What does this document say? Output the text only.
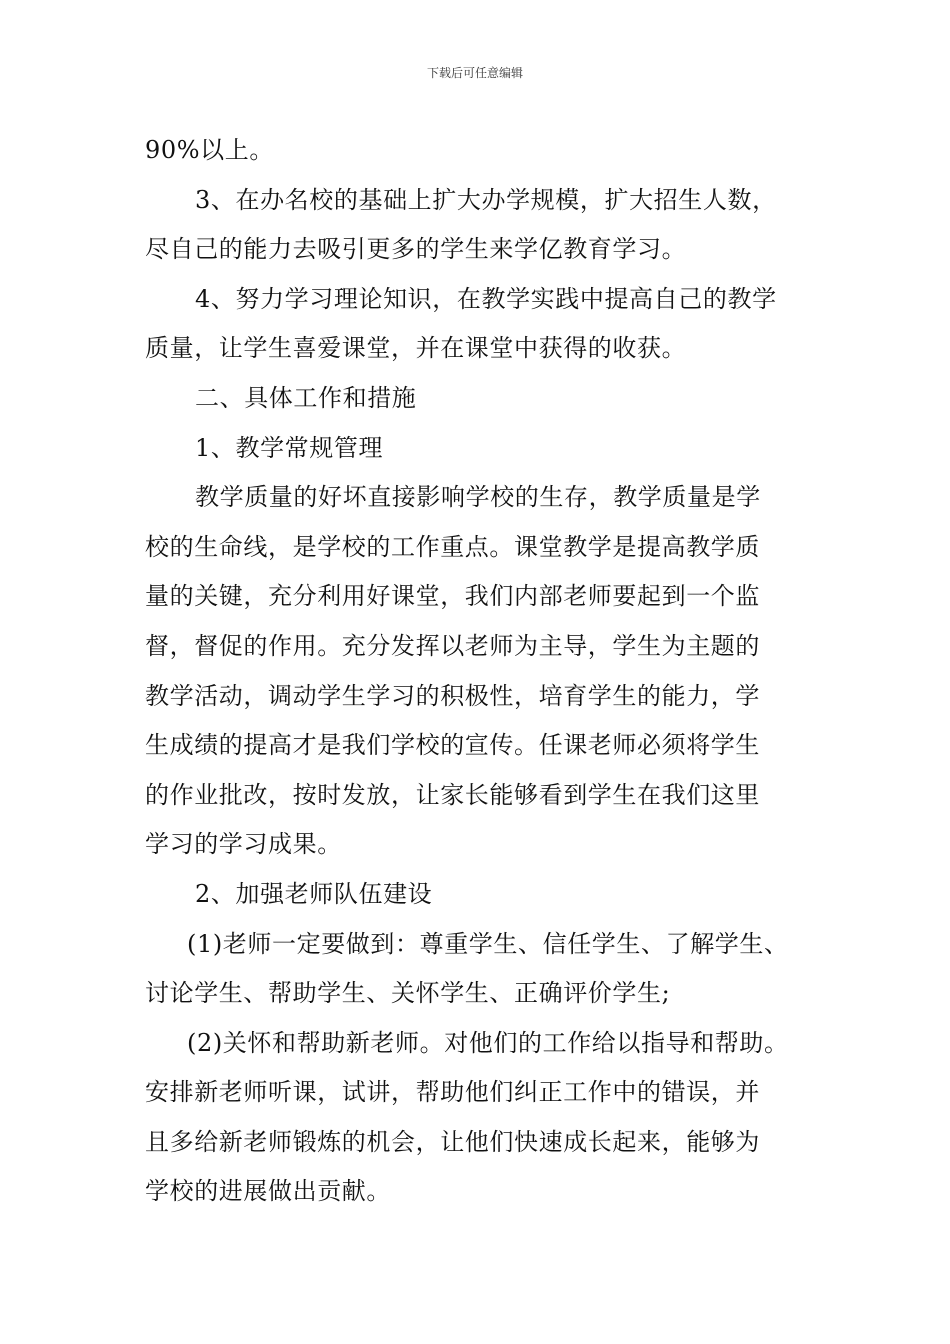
下载后可任意编辑
90%以上。
3、在办名校的基础上扩大办学规模，扩大招生人数，
尽自己的能力去吸引更多的学生来学亿教育学习。
4、努力学习理论知识，在教学实践中提高自己的教学
质量，让学生喜爱课堂，并在课堂中获得的收获。
二、具体工作和措施
1、教学常规管理
教学质量的好坏直接影响学校的生存，教学质量是学
校的生命线，是学校的工作重点。课堂教学是提高教学质
量的关键，充分利用好课堂，我们内部老师要起到一个监
督，督促的作用。充分发挥以老师为主导，学生为主题的
教学活动，调动学生学习的积极性，培育学生的能力，学
生成绩的提高才是我们学校的宣传。任课老师必须将学生
的作业批改，按时发放，让家长能够看到学生在我们这里
学习的学习成果。
2、加强老师队伍建设
(1)老师一定要做到：尊重学生、信任学生、了解学生、
讨论学生、帮助学生、关怀学生、正确评价学生;
(2)关怀和帮助新老师。对他们的工作给以指导和帮助。
安排新老师听课，试讲，帮助他们纠正工作中的错误，并
且多给新老师锻炼的机会，让他们快速成长起来，能够为
学校的进展做出贡献。
